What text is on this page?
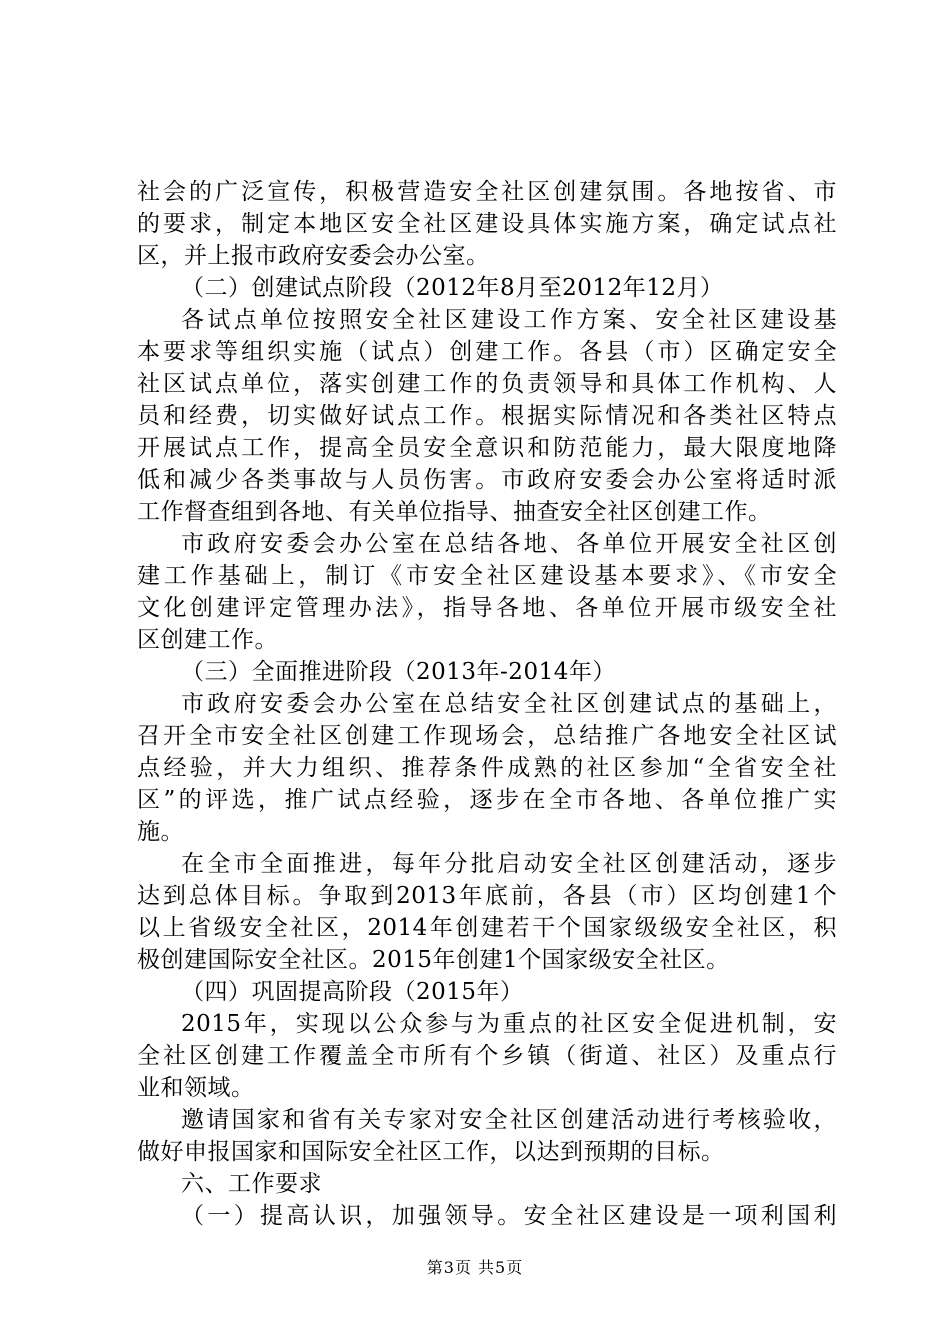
社会的广泛宣传，积极营造安全社区创建氛围。各地按省、市
的要求，制定本地区安全社区建设具体实施方案，确定试点社
区，并上报市政府安委会办公室。
（二）创建试点阶段（2012年8月至2012年12月）
各试点单位按照安全社区建设工作方案、安全社区建设基
本要求等组织实施（试点）创建工作。各县（市）区确定安全
社区试点单位，落实创建工作的负责领导和具体工作机构、人
员和经费，切实做好试点工作。根据实际情况和各类社区特点
开展试点工作，提高全员安全意识和防范能力，最大限度地降
低和减少各类事故与人员伤害。市政府安委会办公室将适时派
工作督查组到各地、有关单位指导、抽查安全社区创建工作。
市政府安委会办公室在总结各地、各单位开展安全社区创
建工作基础上，制订《市安全社区建设基本要求》、《市安全
文化创建评定管理办法》，指导各地、各单位开展市级安全社
区创建工作。
（三）全面推进阶段（2013年-2014年）
市政府安委会办公室在总结安全社区创建试点的基础上，
召开全市安全社区创建工作现场会，总结推广各地安全社区试
点经验，并大力组织、推荐条件成熟的社区参加“全省安全社
区”的评选，推广试点经验，逐步在全市各地、各单位推广实
施。
在全市全面推进，每年分批启动安全社区创建活动，逐步
达到总体目标。争取到2013年底前，各县（市）区均创建1个
以上省级安全社区，2014年创建若干个国家级级安全社区，积
极创建国际安全社区。2015年创建1个国家级安全社区。
（四）巩固提高阶段（2015年）
2015年，实现以公众参与为重点的社区安全促进机制，安
全社区创建工作覆盖全市所有个乡镇（街道、社区）及重点行
业和领域。
邀请国家和省有关专家对安全社区创建活动进行考核验收，
做好申报国家和国际安全社区工作，以达到预期的目标。
六、工作要求
（一）提高认识，加强领导。安全社区建设是一项利国利
第3页 共5页
